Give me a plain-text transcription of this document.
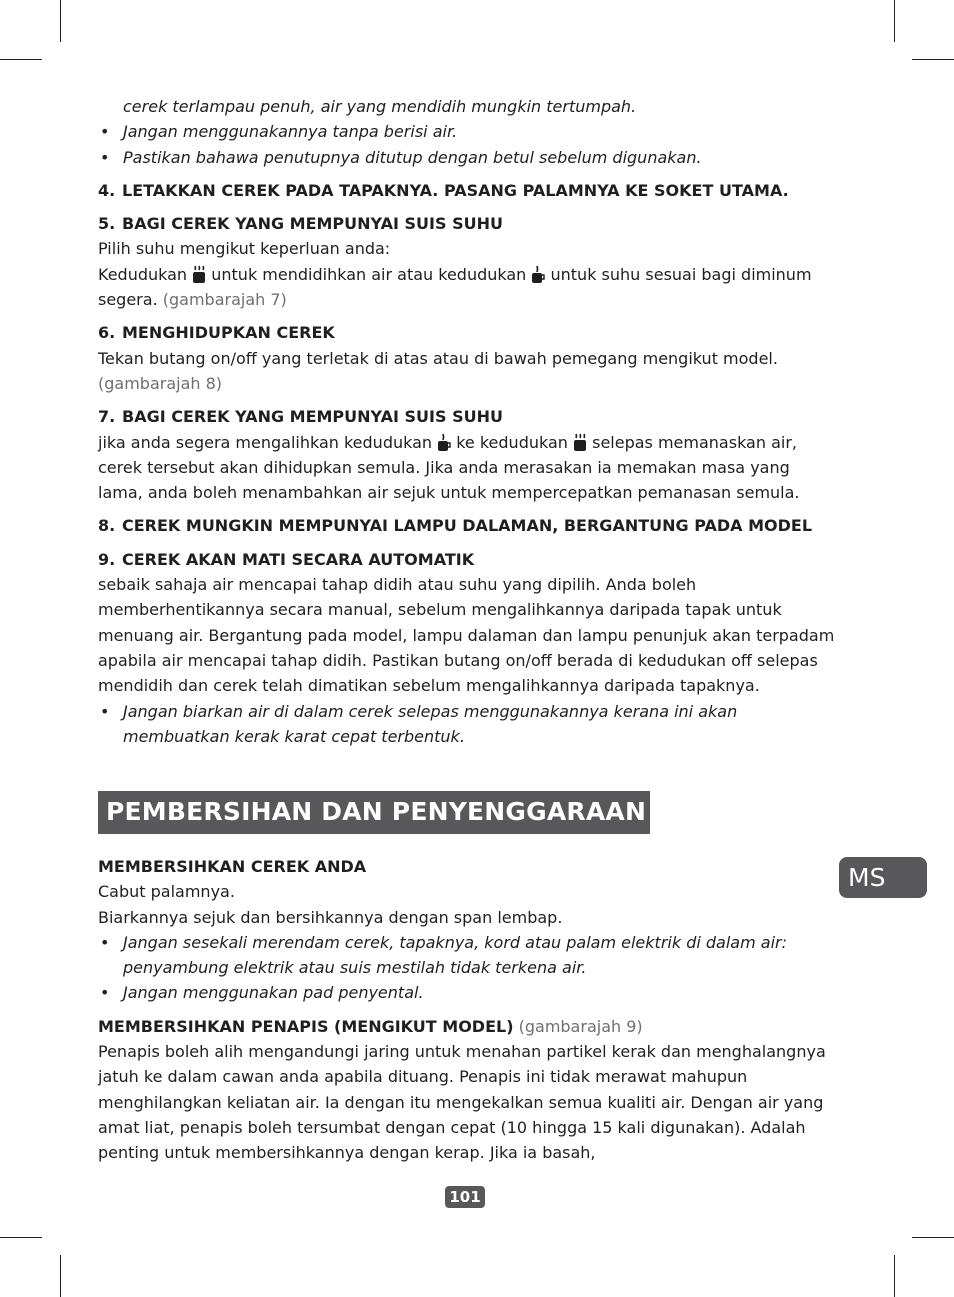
cerek terlampau penuh, air yang mendidih mungkin tertumpah.

• Jangan menggunakannya tanpa berisi air.

• Pastikan bahawa penutupnya ditutup dengan betul sebelum digunakan.

4. LETAKKAN CEREK PADA TAPAKNYA. PASANG PALAMNYA KE SOKET UTAMA.

5. BAGI CEREK YANG MEMPUNYAI SUIS SUHU

Pilih suhu mengikut keperluan anda:

Kedudukan untuk mendidihkan air atau kedudukan untuk suhu sesuai bagi diminum segera. (gambarajah 7)

6. MENGHIDUPKAN CEREK

Tekan butang on/off yang terletak di atas atau di bawah pemegang mengikut model.
(gambarajah 8)

7. BAGI CEREK YANG MEMPUNYAI SUIS SUHU

jika anda segera mengalihkan kedudukan ke kedudukan selepas memanaskan air, cerek tersebut akan dihidupkan semula. Jika anda merasakan ia memakan masa yang lama, anda boleh menambahkan air sejuk untuk mempercepatkan pemanasan semula.

8. CEREK MUNGKIN MEMPUNYAI LAMPU DALAMAN, BERGANTUNG PADA MODEL

9. CEREK AKAN MATI SECARA AUTOMATIK

sebaik sahaja air mencapai tahap didih atau suhu yang dipilih. Anda boleh memberhentikannya secara manual, sebelum mengalihkannya daripada tapak untuk menuang air. Bergantung pada model, lampu dalaman dan lampu penunjuk akan terpadam apabila air mencapai tahap didih. Pastikan butang on/off berada di kedudukan off selepas mendidih dan cerek telah dimatikan sebelum mengalihkannya daripada tapaknya.

• Jangan biarkan air di dalam cerek selepas menggunakannya kerana ini akan membuatkan kerak karat cepat terbentuk.

PEMBERSIHAN DAN PENYENGGARAAN

MEMBERSIHKAN CEREK ANDA

Cabut palamnya.

Biarkannya sejuk dan bersihkannya dengan span lembap.

• Jangan sesekali merendam cerek, tapaknya, kord atau palam elektrik di dalam air: penyambung elektrik atau suis mestilah tidak terkena air.

• Jangan menggunakan pad penyental.

MEMBERSIHKAN PENAPIS (MENGIKUT MODEL) (gambarajah 9)

Penapis boleh alih mengandungi jaring untuk menahan partikel kerak dan menghalangnya jatuh ke dalam cawan anda apabila dituang. Penapis ini tidak merawat mahupun menghilangkan keliatan air. Ia dengan itu mengekalkan semua kualiti air. Dengan air yang amat liat, penapis boleh tersumbat dengan cepat (10 hingga 15 kali digunakan). Adalah penting untuk membersihkannya dengan kerap. Jika ia basah,

MS
101
